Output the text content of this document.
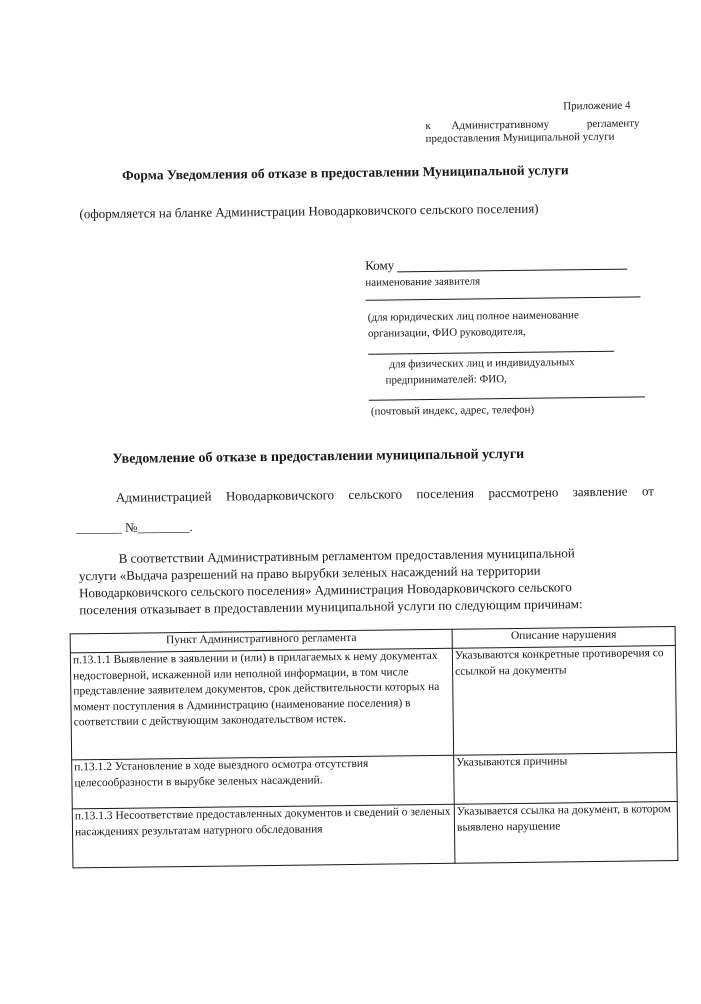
Приложение 4
к Административному регламенту
предоставления Муниципальной услуги
Форма Уведомления об отказе в предоставлении Муниципальной услуги
(оформляется на бланке Администрации Новодарковичского сельского поселения)
Кому
наименование заявителя
(для юридических лиц полное наименование
организации, ФИО руководителя,
для физических лиц и индивидуальных
предпринимателей: ФИО,
(почтовый индекс, адрес, телефон)
Уведомление об отказе в предоставлении муниципальной услуги
Администрацией Новодарковичского сельского поселения рассмотрено заявление от
_______ №________.
В соответствии Административным регламентом предоставления муниципальной
услуги «Выдача разрешений на право вырубки зеленых насаждений на территории
Новодарковичского сельского поселения» Администрация Новодарковичского сельского
поселения отказывает в предоставлении муниципальной услуги по следующим причинам:
Пункт Административного регламента	Описание нарушения
п.13.1.1 Выявление в заявлении и (или) в прилагаемых к нему документах недостоверной, искаженной или неполной информации, в том числе представление заявителем документов, срок действительности которых на момент поступления в Администрацию (наименование поселения) в соответствии с действующим законодательством истек.	Указываются конкретные противоречия со ссылкой на документы
п.13.1.2 Установление в ходе выездного осмотра отсутствия целесообразности в вырубке зеленых насаждений.	Указываются причины
п.13.1.3 Несоответствие предоставленных документов и сведений о зеленых насаждениях результатам натурного обследования	Указывается ссылка на документ, в котором выявлено нарушение
